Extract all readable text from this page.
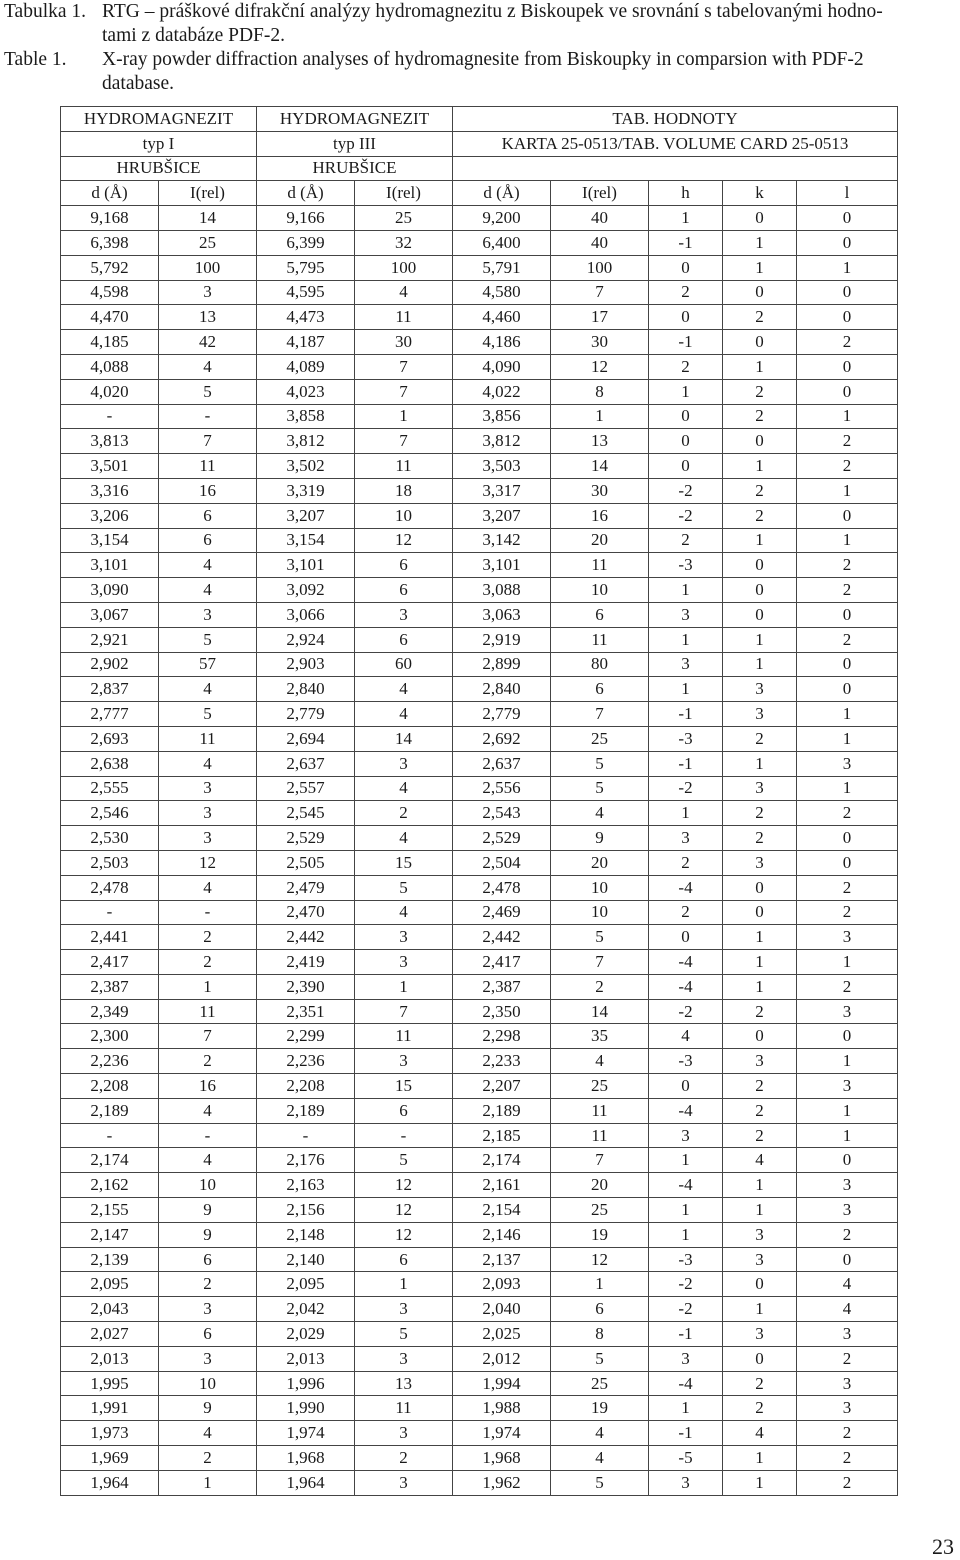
Tabulka 1. RTG – práškové difrakční analýzy hydromagnezitu z Biskoupek ve srovnání s tabelovanými hodno-
tami z databáze PDF-2.
Table 1. X-ray powder diffraction analyses of hydromagnesite from Biskoupky in comparsion with PDF-2
database.
HYDROMAGNEZIT		HYDROMAGNEZIT		TAB. HODNOTY				
typ I		typ III		KARTA 25-0513/TAB. VOLUME CARD 25-0513				
HRUBŠICE		HRUBŠICE						
d (Å)	I(rel)	d (Å)	I(rel)	d (Å)	I(rel)	h	k	l
9,168	14	9,166	25	9,200	40	1	0	0
6,398	25	6,399	32	6,400	40	-1	1	0
5,792	100	5,795	100	5,791	100	0	1	1
4,598	3	4,595	4	4,580	7	2	0	0
4,470	13	4,473	11	4,460	17	0	2	0
4,185	42	4,187	30	4,186	30	-1	0	2
4,088	4	4,089	7	4,090	12	2	1	0
4,020	5	4,023	7	4,022	8	1	2	0
-	-	3,858	1	3,856	1	0	2	1
3,813	7	3,812	7	3,812	13	0	0	2
3,501	11	3,502	11	3,503	14	0	1	2
3,316	16	3,319	18	3,317	30	-2	2	1
3,206	6	3,207	10	3,207	16	-2	2	0
3,154	6	3,154	12	3,142	20	2	1	1
3,101	4	3,101	6	3,101	11	-3	0	2
3,090	4	3,092	6	3,088	10	1	0	2
3,067	3	3,066	3	3,063	6	3	0	0
2,921	5	2,924	6	2,919	11	1	1	2
2,902	57	2,903	60	2,899	80	3	1	0
2,837	4	2,840	4	2,840	6	1	3	0
2,777	5	2,779	4	2,779	7	-1	3	1
2,693	11	2,694	14	2,692	25	-3	2	1
2,638	4	2,637	3	2,637	5	-1	1	3
2,555	3	2,557	4	2,556	5	-2	3	1
2,546	3	2,545	2	2,543	4	1	2	2
2,530	3	2,529	4	2,529	9	3	2	0
2,503	12	2,505	15	2,504	20	2	3	0
2,478	4	2,479	5	2,478	10	-4	0	2
-	-	2,470	4	2,469	10	2	0	2
2,441	2	2,442	3	2,442	5	0	1	3
2,417	2	2,419	3	2,417	7	-4	1	1
2,387	1	2,390	1	2,387	2	-4	1	2
2,349	11	2,351	7	2,350	14	-2	2	3
2,300	7	2,299	11	2,298	35	4	0	0
2,236	2	2,236	3	2,233	4	-3	3	1
2,208	16	2,208	15	2,207	25	0	2	3
2,189	4	2,189	6	2,189	11	-4	2	1
-	-	-	-	2,185	11	3	2	1
2,174	4	2,176	5	2,174	7	1	4	0
2,162	10	2,163	12	2,161	20	-4	1	3
2,155	9	2,156	12	2,154	25	1	1	3
2,147	9	2,148	12	2,146	19	1	3	2
2,139	6	2,140	6	2,137	12	-3	3	0
2,095	2	2,095	1	2,093	1	-2	0	4
2,043	3	2,042	3	2,040	6	-2	1	4
2,027	6	2,029	5	2,025	8	-1	3	3
2,013	3	2,013	3	2,012	5	3	0	2
1,995	10	1,996	13	1,994	25	-4	2	3
1,991	9	1,990	11	1,988	19	1	2	3
1,973	4	1,974	3	1,974	4	-1	4	2
1,969	2	1,968	2	1,968	4	-5	1	2
1,964	1	1,964	3	1,962	5	3	1	2
23
